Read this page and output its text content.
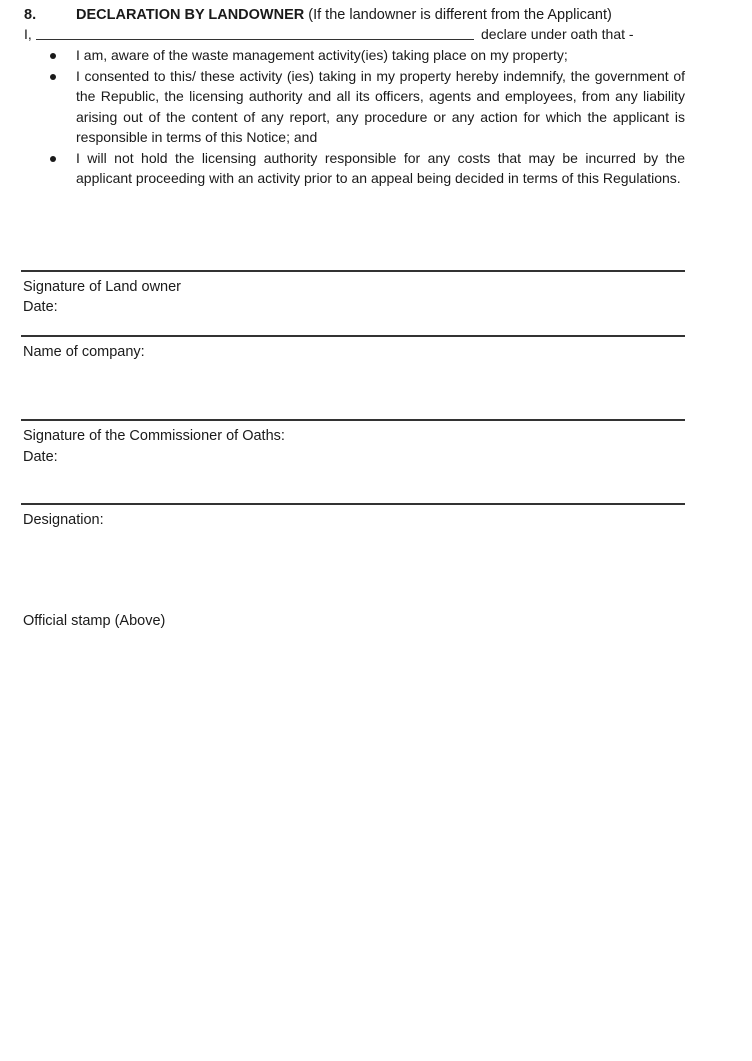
8.	DECLARATION BY LANDOWNER (If the landowner is different from the Applicant)
I,	declare under oath that -
I am, aware of the waste management activity(ies) taking place on my property;
I consented to this/ these activity (ies) taking in my property hereby indemnify, the government of the Republic, the licensing authority and all its officers, agents and employees, from any liability arising out of the content of any report, any procedure or any action for which the applicant is responsible in terms of this Notice; and
I will not hold the licensing authority responsible for any costs that may be incurred by the applicant proceeding with an activity prior to an appeal being decided in terms of this Regulations.
Signature of Land owner
Date:
Name of company:
Signature of the Commissioner of Oaths:
Date:
Designation:
Official stamp (Above)
